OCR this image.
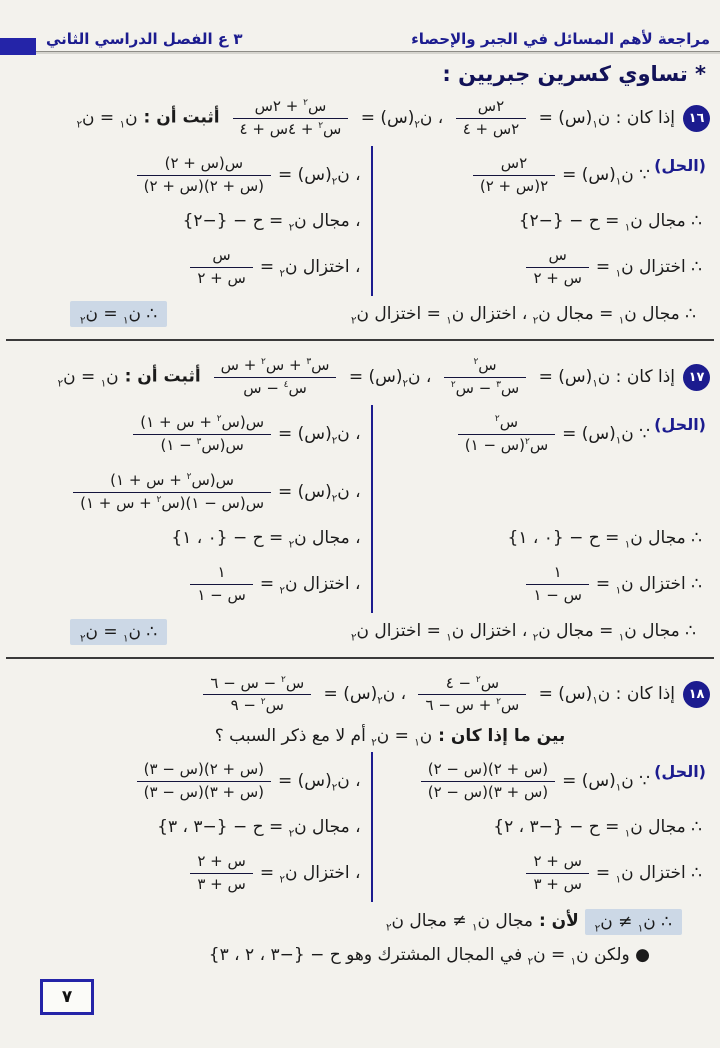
مراجعة لأهم المسائل في الجبر والإحصاء
٣ ع الفصل الدراسي الثاني
* تساوي كسرين جبريين :
١٦
إذا كان : ن$_١$(س) =
$\frac{\text{٢س}}{\text{٢س + ٤}}$
، ن$_٢$(س) =
$\frac{س^٢ + ٢س}{س^٢ + ٤س + ٤}$
أثبت أن : ن$_١$ = ن$_٢$
(الحل)
∵ ن$_١$(س) =
$\frac{\text{٢س}}{\text{٢(س + ٢)}}$
، ن$_٢$(س) =
$\frac{\text{س(س + ٢)}}{\text{(س + ٢)(س + ٢)}}$
∴ مجال ن$_١$ = ح − {−٢}
، مجال ن$_٢$ = ح − {−٢}
∴ اختزال ن$_١$ =
$\frac{\text{س}}{\text{س + ٢}}$
، اختزال ن$_٢$ =
$\frac{\text{س}}{\text{س + ٢}}$
∴ مجال ن$_١$ = مجال ن$_٢$ ، اختزال ن$_١$ = اختزال ن$_٢$
∴ ن$_١$ = ن$_٢$
١٧
إذا كان : ن$_١$(س) =
$\frac{س^٢}{س^٣ - س^٢}$
، ن$_٢$(س) =
$\frac{س^٣ + س^٢ + س}{س^٤ - س}$
أثبت أن : ن$_١$ = ن$_٢$
(الحل)
∵ ن$_١$(س) =
$\frac{س^٢}{س^٢(س - ١)}$
، ن$_٢$(س) =
$\frac{س(س^٢ + س + ١)}{س(س^٣ - ١)}$
، ن$_٢$(س) =
$\frac{س(س^٢ + س + ١)}{س(س - ١)(س^٢ + س + ١)}$
∴ مجال ن$_١$ = ح − {٠ ، ١}
، مجال ن$_٢$ = ح − {٠ ، ١}
∴ اختزال ن$_١$ =
$\frac{١}{\text{س − ١}}$
، اختزال ن$_٢$ =
$\frac{١}{\text{س − ١}}$
∴ مجال ن$_١$ = مجال ن$_٢$ ، اختزال ن$_١$ = اختزال ن$_٢$
∴ ن$_١$ = ن$_٢$
١٨
إذا كان : ن$_١$(س) =
$\frac{س^٢ - ٤}{س^٢ + س - ٦}$
، ن$_٢$(س) =
$\frac{س^٢ - س - ٦}{س^٢ - ٩}$
بين ما إذا كان : ن$_١$ = ن$_٢$ أم لا مع ذكر السبب ؟
(الحل)
∵ ن$_١$(س) =
$\frac{\text{(س + ٢)(س − ٢)}}{\text{(س + ٣)(س − ٢)}}$
، ن$_٢$(س) =
$\frac{\text{(س + ٢)(س − ٣)}}{\text{(س + ٣)(س − ٣)}}$
∴ مجال ن$_١$ = ح − {−٣ ، ٢}
، مجال ن$_٢$ = ح − {−٣ ، ٣}
∴ اختزال ن$_١$ =
$\frac{\text{س + ٢}}{\text{س + ٣}}$
، اختزال ن$_٢$ =
$\frac{\text{س + ٢}}{\text{س + ٣}}$
∴ ن$_١$ ≠ ن$_٢$ لأن : مجال ن$_١$ ≠ مجال ن$_٢$
● ولكن ن$_١$ = ن$_٢$ في المجال المشترك وهو ح − {−٣ ، ٢ ، ٣}
٧
